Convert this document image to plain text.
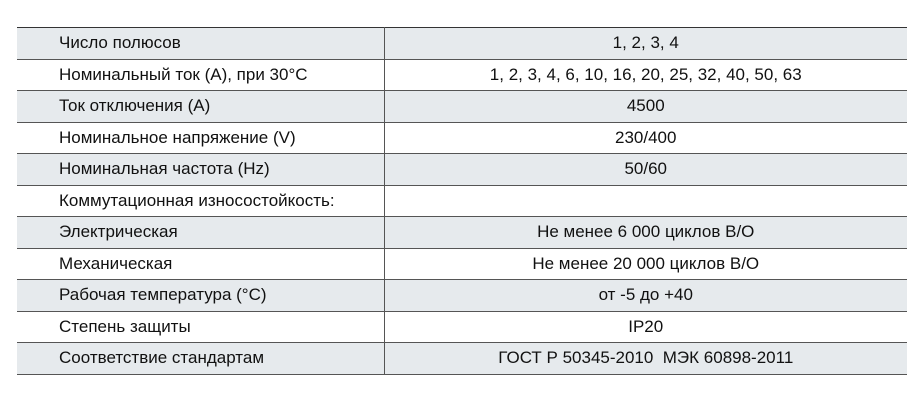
Число полюсов	1, 2, 3, 4
Номинальный ток (A), при 30°С	1, 2, 3, 4, 6, 10, 16, 20, 25, 32, 40, 50, 63
Ток отключения (A)	4500
Номинальное напряжение (V)	230/400
Номинальная частота (Hz)	50/60
Коммутационная износостойкость:	
Электрическая	Не менее 6 000 циклов В/О
Механическая	Не менее 20 000 циклов В/О
Рабочая температура (°С)	от -5 до +40
Степень защиты	IP20
Соответствие стандартам	ГОСТ Р 50345-2010  МЭК 60898-2011
